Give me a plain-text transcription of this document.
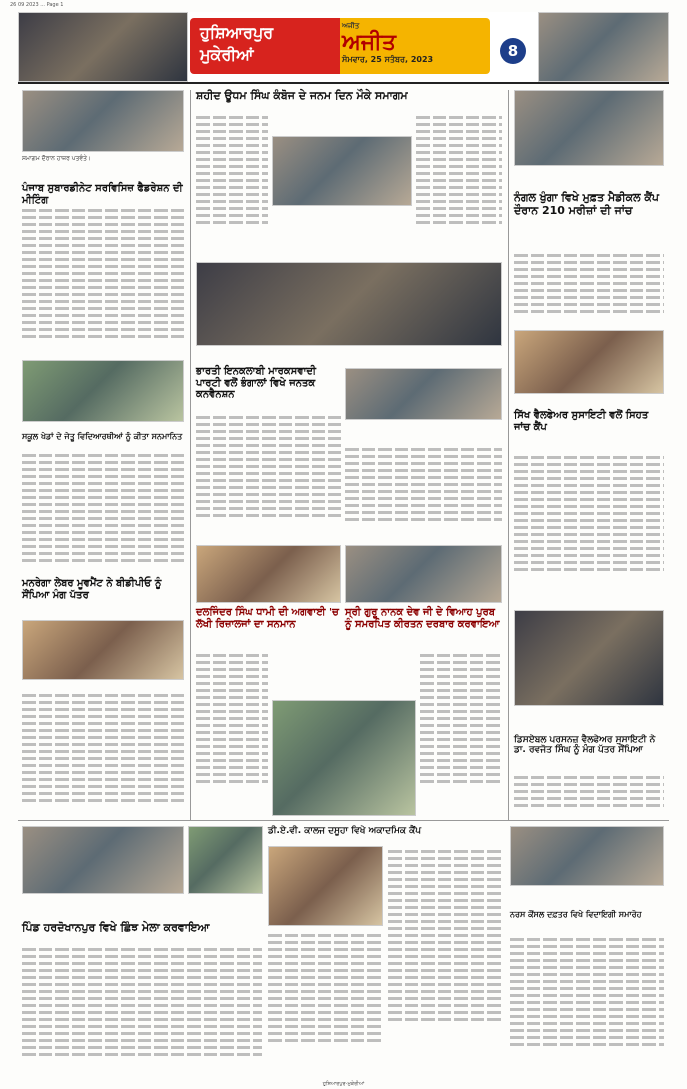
26 09 2023 ... Page 1
ਹੁਸ਼ਿਆਰਪੁਰ ਮੁਕੇਰੀਆਂ
ਅਜੀਤ
ਅਜੀਤ
ਸੋਮਵਾਰ, 25 ਸਤੰਬਰ, 2023	8
ਸਮਾਗਮ ਦੌਰਾਨ ਹਾਜ਼ਰ ਪਤਵੰਤੇ।
ਪੰਜਾਬ ਸੁਬਾਰਡੀਨੇਟ ਸਰਵਿਸਿਜ਼ ਫੈਡਰੇਸ਼ਨ ਦੀ ਮੀਟਿੰਗ
ਸਕੂਲ ਖੇਡਾਂ ਦੇ ਜੇਤੂ ਵਿਦਿਆਰਥੀਆਂ ਨੂੰ ਕੀਤਾ ਸਨਮਾਨਿਤ
ਮਨਰੇਗਾ ਲੇਬਰ ਮੂਵਮੈਂਟ ਨੇ ਬੀਡੀਪੀਓ ਨੂੰ ਸੌਂਪਿਆ ਮੰਗ ਪੱਤਰ
ਸ਼ਹੀਦ ਊਧਮ ਸਿੰਘ ਕੰਬੋਜ ਦੇ ਜਨਮ ਦਿਨ ਮੌਕੇ ਸਮਾਗਮ
ਭਾਰਤੀ ਇਨਕਲਾਬੀ ਮਾਰਕਸਵਾਦੀ ਪਾਰਟੀ ਵਲੋਂ ਭੰਗਾਲਾਂ ਵਿਖੇ ਜਨਤਕ ਕਨਵੈਨਸ਼ਨ
ਦਲਜਿੰਦਰ ਸਿੰਘ ਧਾਮੀ ਦੀ ਅਗਵਾਈ 'ਚ ਲੱਖੀ ਰਿਜ਼ਾਲਜਾਂ ਦਾ ਸਨਮਾਨ
ਸ੍ਰੀ ਗੁਰੂ ਨਾਨਕ ਦੇਵ ਜੀ ਦੇ ਵਿਆਹ ਪੁਰਬ ਨੂੰ ਸਮਰਪਿਤ ਕੀਰਤਨ ਦਰਬਾਰ ਕਰਵਾਇਆ
ਨੰਗਲ ਖੁੰਗਾ ਵਿਖੇ ਮੁਫ਼ਤ ਮੈਡੀਕਲ ਕੈਂਪ ਦੌਰਾਨ 210 ਮਰੀਜ਼ਾਂ ਦੀ ਜਾਂਚ
ਸਿੱਖ ਵੈਲਫੇਅਰ ਸੁਸਾਇਟੀ ਵਲੋਂ ਸਿਹਤ ਜਾਂਚ ਕੈਂਪ
ਡਿਸਏਬਲ ਪਰਸਨਜ਼ ਵੈਲਫੇਅਰ ਸੁਸਾਇਟੀ ਨੇ ਡਾ. ਰਵਜੋਤ ਸਿੰਘ ਨੂੰ ਮੰਗ ਪੱਤਰ ਸੌਂਪਿਆ
ਪਿੰਡ ਹਰਦੋਖਾਨਪੁਰ ਵਿਖੇ ਛਿੰਝ ਮੇਲਾ ਕਰਵਾਇਆ
ਡੀ.ਏ.ਵੀ. ਕਾਲਜ ਦਸੂਹਾ ਵਿਖੇ ਅਕਾਦਮਿਕ ਕੈਂਪ
ਨਰਸ ਕੌਂਸਲ ਦਫ਼ਤਰ ਵਿਖੇ ਵਿਦਾਇਗੀ ਸਮਾਰੋਹ
ਹੁਸ਼ਿਆਰਪੁਰ-ਮੁਕੇਰੀਆਂ
